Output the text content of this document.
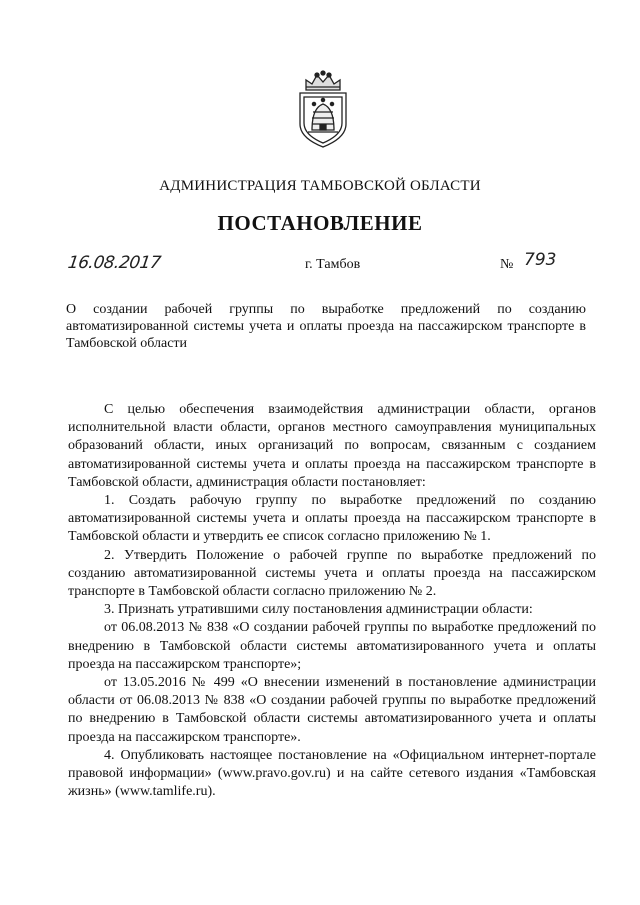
АДМИНИСТРАЦИЯ ТАМБОВСКОЙ ОБЛАСТИ
ПОСТАНОВЛЕНИЕ
16.08.2017	г. Тамбов	№ 793
О создании рабочей группы по выработке предложений по созданию автоматизированной системы учета и оплаты проезда на пассажирском транспорте в Тамбовской области

С целью обеспечения взаимодействия администрации области, органов исполнительной власти области, органов местного самоуправления муниципальных образований области, иных организаций по вопросам, связанным с созданием автоматизированной системы учета и оплаты проезда на пассажирском транспорте в Тамбовской области, администрация области постановляет:

1. Создать рабочую группу по выработке предложений по созданию автоматизированной системы учета и оплаты проезда на пассажирском транспорте в Тамбовской области и утвердить ее список согласно приложению № 1.

2. Утвердить Положение о рабочей группе по выработке предложений по созданию автоматизированной системы учета и оплаты проезда на пассажирском транспорте в Тамбовской области согласно приложению № 2.

3. Признать утратившими силу постановления администрации области:

от 06.08.2013 № 838 «О создании рабочей группы по выработке предложений по внедрению в Тамбовской области системы автоматизированного учета и оплаты проезда на пассажирском транспорте»;

от 13.05.2016 № 499 «О внесении изменений в постановление администрации области от 06.08.2013 № 838 «О создании рабочей группы по выработке предложений по внедрению в Тамбовской области системы автоматизированного учета и оплаты проезда на пассажирском транспорте».

4. Опубликовать настоящее постановление на «Официальном интернет-портале правовой информации» (www.pravo.gov.ru) и на сайте сетевого издания «Тамбовская жизнь» (www.tamlife.ru).
